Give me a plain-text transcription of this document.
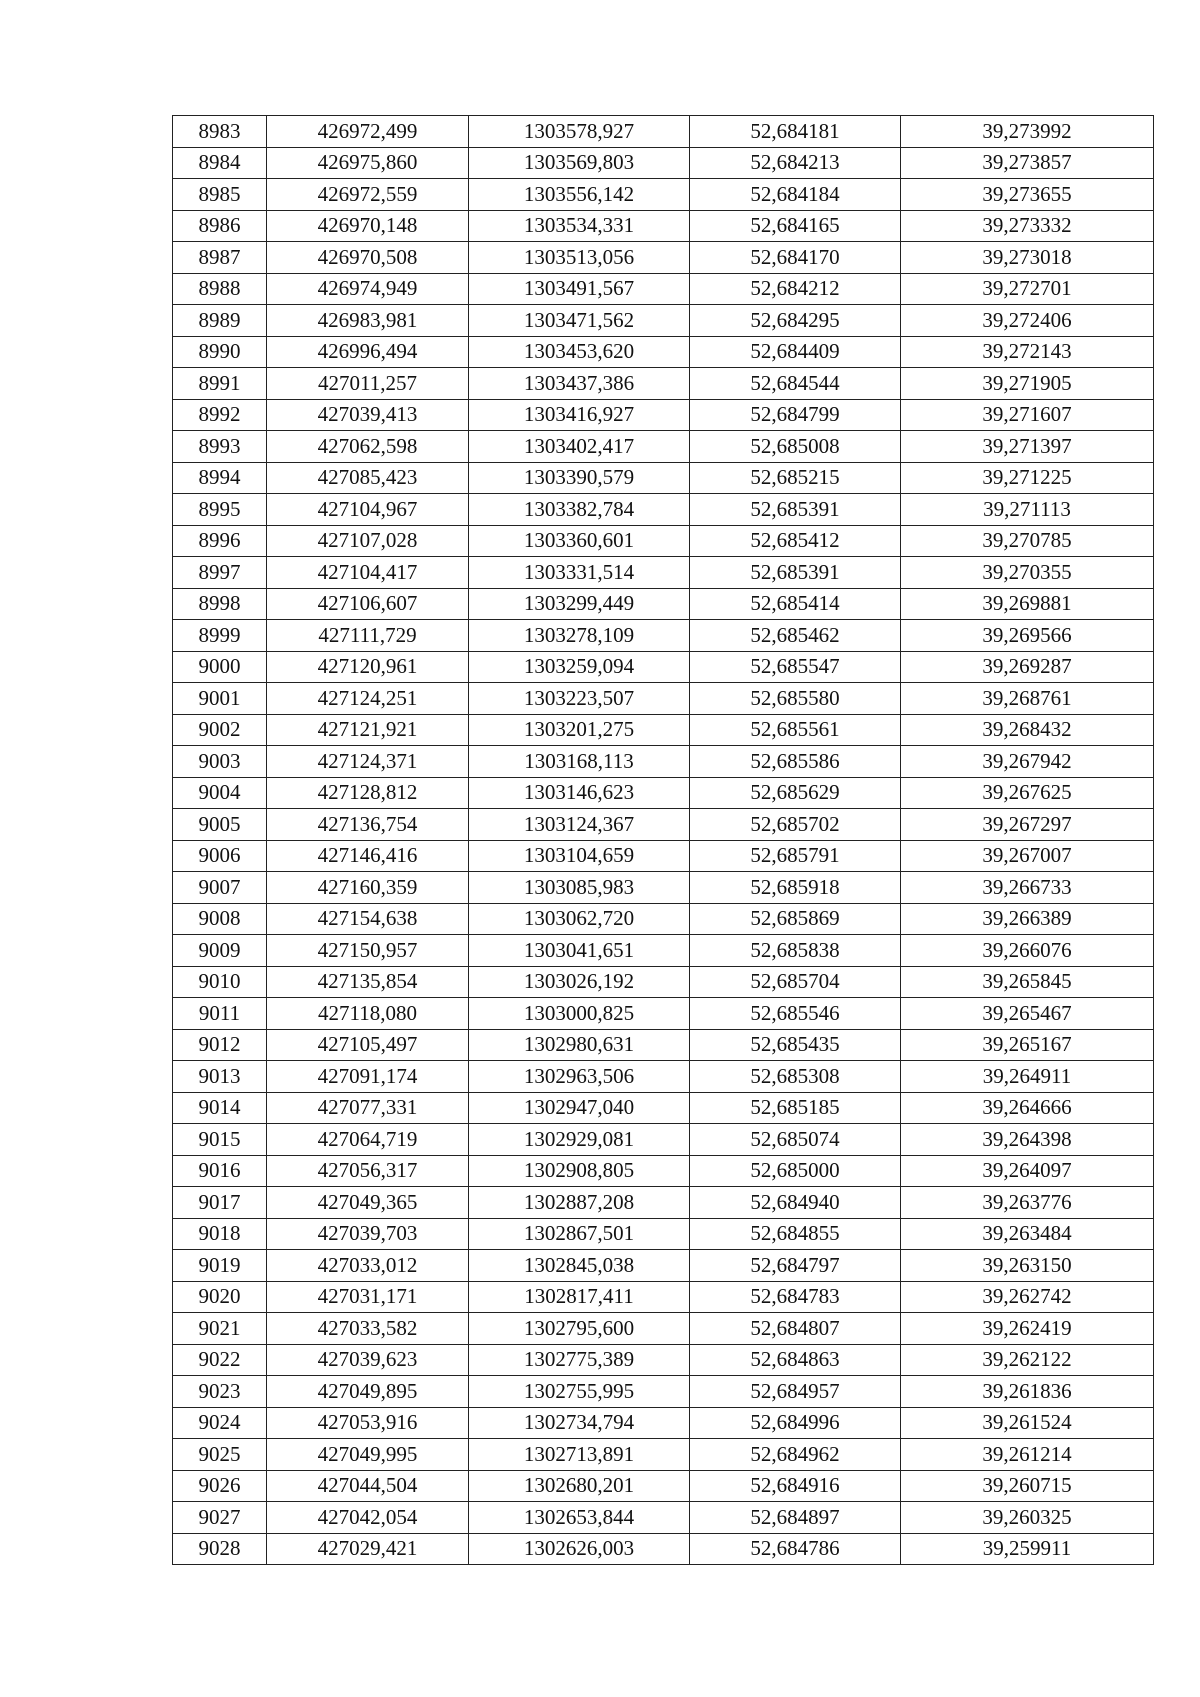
8983	426972,499	1303578,927	52,684181	39,273992
8984	426975,860	1303569,803	52,684213	39,273857
8985	426972,559	1303556,142	52,684184	39,273655
8986	426970,148	1303534,331	52,684165	39,273332
8987	426970,508	1303513,056	52,684170	39,273018
8988	426974,949	1303491,567	52,684212	39,272701
8989	426983,981	1303471,562	52,684295	39,272406
8990	426996,494	1303453,620	52,684409	39,272143
8991	427011,257	1303437,386	52,684544	39,271905
8992	427039,413	1303416,927	52,684799	39,271607
8993	427062,598	1303402,417	52,685008	39,271397
8994	427085,423	1303390,579	52,685215	39,271225
8995	427104,967	1303382,784	52,685391	39,271113
8996	427107,028	1303360,601	52,685412	39,270785
8997	427104,417	1303331,514	52,685391	39,270355
8998	427106,607	1303299,449	52,685414	39,269881
8999	427111,729	1303278,109	52,685462	39,269566
9000	427120,961	1303259,094	52,685547	39,269287
9001	427124,251	1303223,507	52,685580	39,268761
9002	427121,921	1303201,275	52,685561	39,268432
9003	427124,371	1303168,113	52,685586	39,267942
9004	427128,812	1303146,623	52,685629	39,267625
9005	427136,754	1303124,367	52,685702	39,267297
9006	427146,416	1303104,659	52,685791	39,267007
9007	427160,359	1303085,983	52,685918	39,266733
9008	427154,638	1303062,720	52,685869	39,266389
9009	427150,957	1303041,651	52,685838	39,266076
9010	427135,854	1303026,192	52,685704	39,265845
9011	427118,080	1303000,825	52,685546	39,265467
9012	427105,497	1302980,631	52,685435	39,265167
9013	427091,174	1302963,506	52,685308	39,264911
9014	427077,331	1302947,040	52,685185	39,264666
9015	427064,719	1302929,081	52,685074	39,264398
9016	427056,317	1302908,805	52,685000	39,264097
9017	427049,365	1302887,208	52,684940	39,263776
9018	427039,703	1302867,501	52,684855	39,263484
9019	427033,012	1302845,038	52,684797	39,263150
9020	427031,171	1302817,411	52,684783	39,262742
9021	427033,582	1302795,600	52,684807	39,262419
9022	427039,623	1302775,389	52,684863	39,262122
9023	427049,895	1302755,995	52,684957	39,261836
9024	427053,916	1302734,794	52,684996	39,261524
9025	427049,995	1302713,891	52,684962	39,261214
9026	427044,504	1302680,201	52,684916	39,260715
9027	427042,054	1302653,844	52,684897	39,260325
9028	427029,421	1302626,003	52,684786	39,259911
